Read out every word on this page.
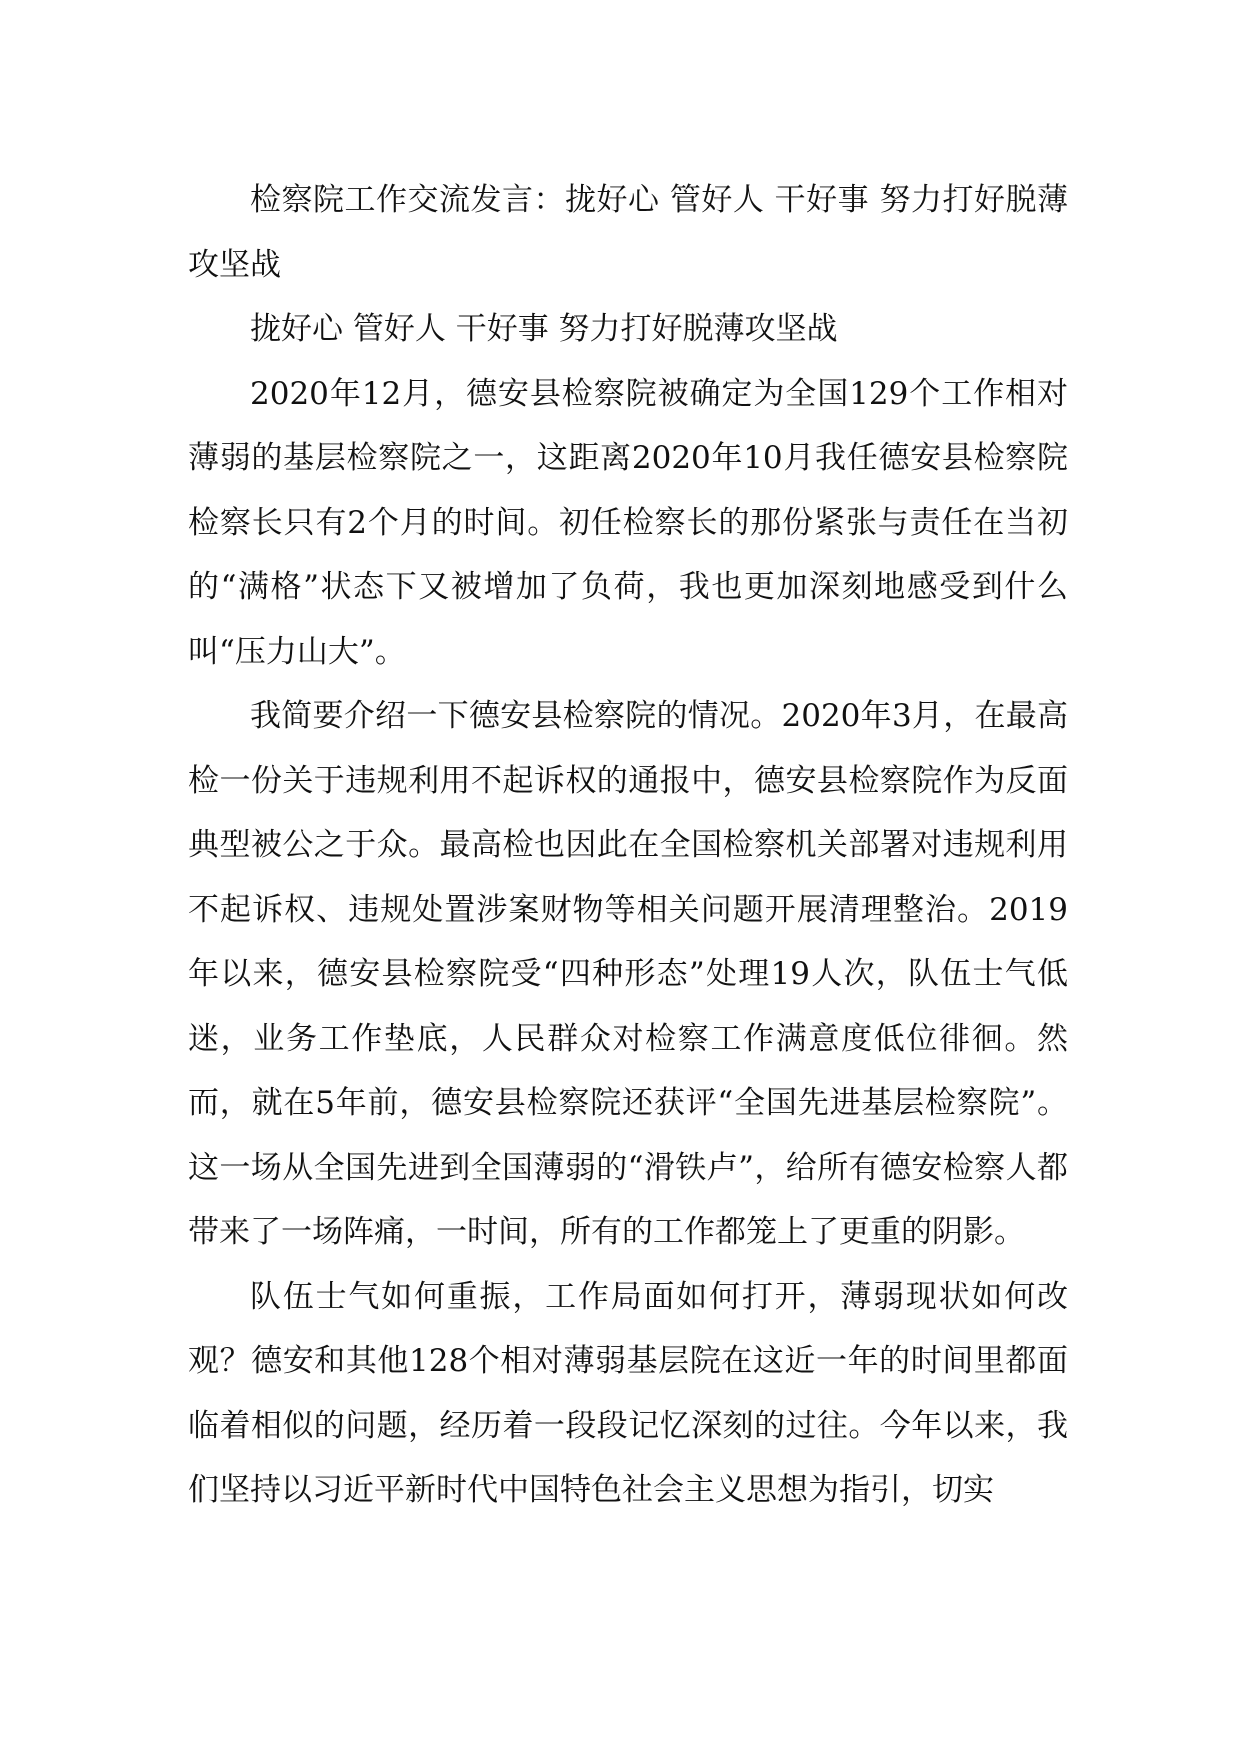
检察院工作交流发言：拢好心 管好人 干好事 努力打好脱薄攻坚战

拢好心 管好人 干好事 努力打好脱薄攻坚战

2020年12月，德安县检察院被确定为全国129个工作相对薄弱的基层检察院之一，这距离2020年10月我任德安县检察院检察长只有2个月的时间。初任检察长的那份紧张与责任在当初的“满格”状态下又被增加了负荷，我也更加深刻地感受到什么叫“压力山大”。

我简要介绍一下德安县检察院的情况。2020年3月，在最高检一份关于违规利用不起诉权的通报中，德安县检察院作为反面典型被公之于众。最高检也因此在全国检察机关部署对违规利用不起诉权、违规处置涉案财物等相关问题开展清理整治。2019年以来，德安县检察院受“四种形态”处理19人次，队伍士气低迷，业务工作垫底，人民群众对检察工作满意度低位徘徊。然而，就在5年前，德安县检察院还获评“全国先进基层检察院”。这一场从全国先进到全国薄弱的“滑铁卢”，给所有德安检察人都带来了一场阵痛，一时间，所有的工作都笼上了更重的阴影。

队伍士气如何重振，工作局面如何打开，薄弱现状如何改观？德安和其他128个相对薄弱基层院在这近一年的时间里都面临着相似的问题，经历着一段段记忆深刻的过往。今年以来，我们坚持以习近平新时代中国特色社会主义思想为指引，切实
